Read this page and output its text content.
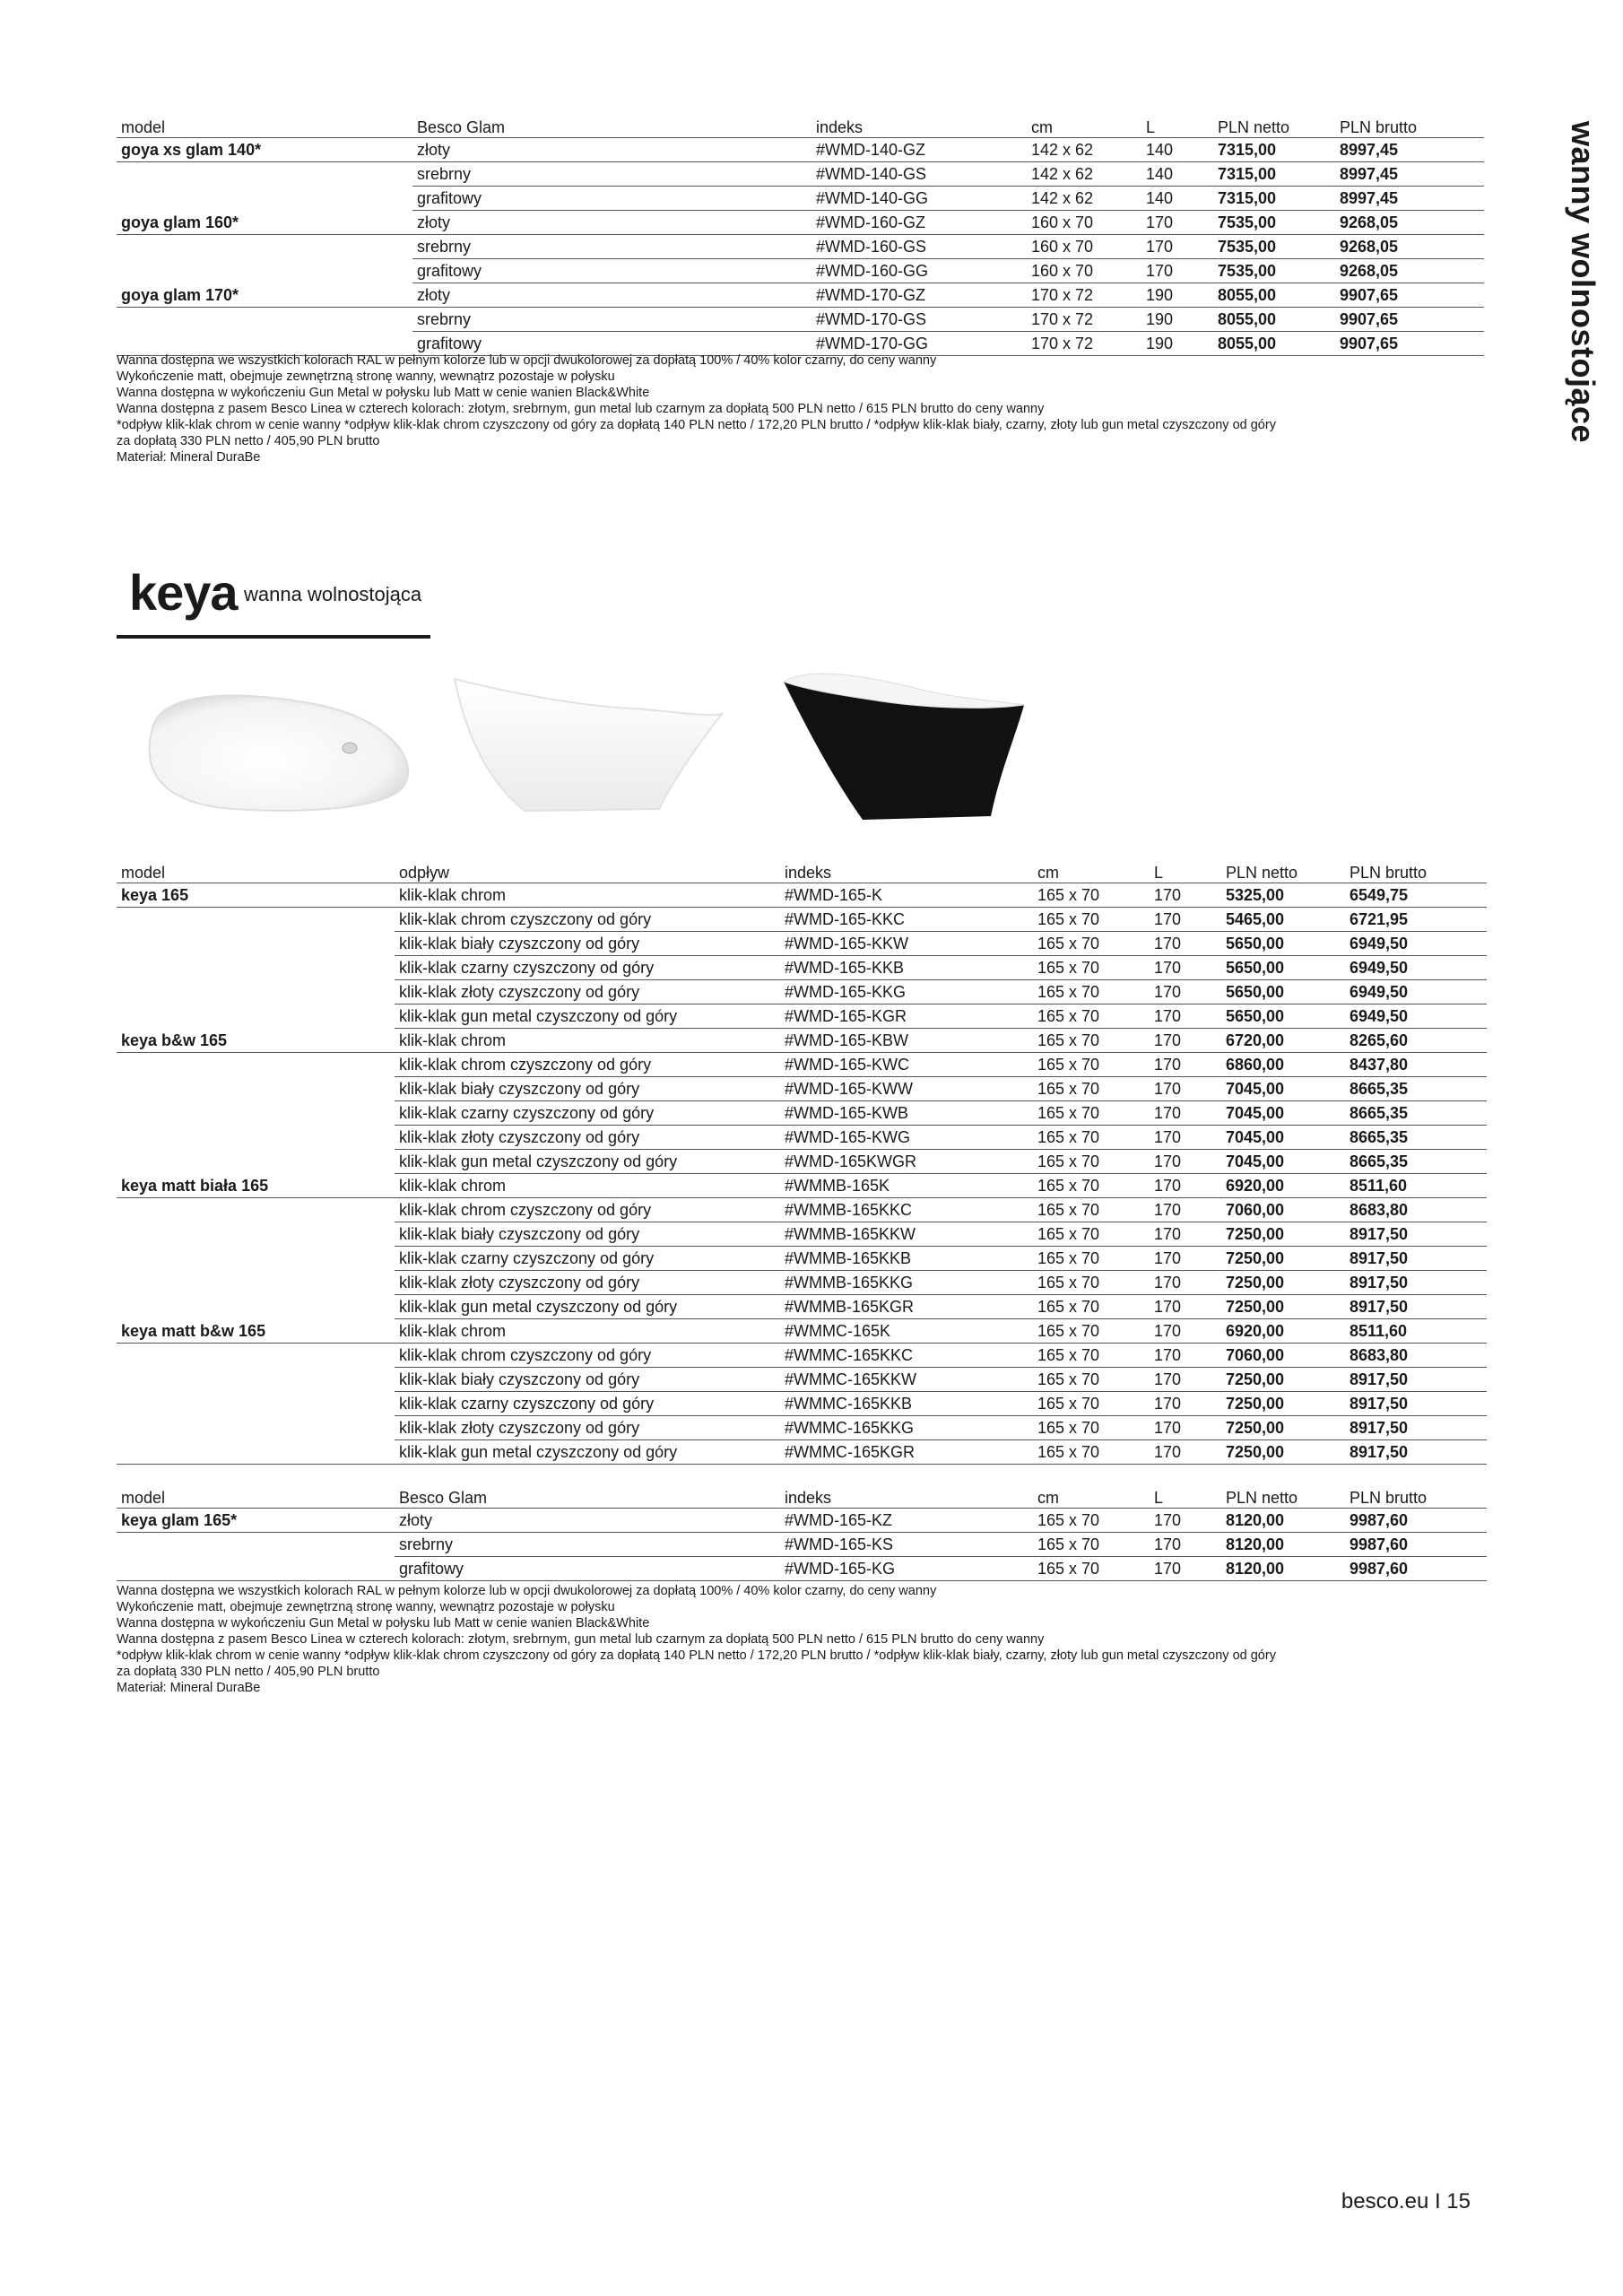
wanny wolnostojące
model	Besco Glam	indeks	cm	L	PLN netto	PLN brutto
goya xs glam 140*	złoty	#WMD-140-GZ	142 x 62	140	7315,00	8997,45
	srebrny	#WMD-140-GS	142 x 62	140	7315,00	8997,45
	grafitowy	#WMD-140-GG	142 x 62	140	7315,00	8997,45
goya glam 160*	złoty	#WMD-160-GZ	160 x 70	170	7535,00	9268,05
	srebrny	#WMD-160-GS	160 x 70	170	7535,00	9268,05
	grafitowy	#WMD-160-GG	160 x 70	170	7535,00	9268,05
goya glam 170*	złoty	#WMD-170-GZ	170 x 72	190	8055,00	9907,65
	srebrny	#WMD-170-GS	170 x 72	190	8055,00	9907,65
	grafitowy	#WMD-170-GG	170 x 72	190	8055,00	9907,65
Wanna dostępna we wszystkich kolorach RAL w pełnym kolorze lub w opcji dwukolorowej za dopłatą 100% / 40% kolor czarny, do ceny wanny
Wykończenie matt, obejmuje zewnętrzną stronę wanny, wewnątrz pozostaje w połysku
Wanna dostępna w wykończeniu Gun Metal w połysku lub Matt w cenie wanien Black&White
Wanna dostępna z pasem Besco Linea w czterech kolorach: złotym, srebrnym, gun metal lub czarnym za dopłatą 500 PLN netto / 615 PLN brutto do ceny wanny
*odpływ klik-klak chrom w cenie wanny *odpływ klik-klak chrom czyszczony od góry za dopłatą 140 PLN netto / 172,20 PLN brutto / *odpływ klik-klak biały, czarny, złoty lub gun metal czyszczony od góry
za dopłatą 330 PLN netto / 405,90 PLN brutto
Materiał: Mineral DuraBe
keya wanna wolnostojąca
model	odpływ	indeks	cm	L	PLN netto	PLN brutto
keya 165	klik-klak chrom	#WMD-165-K	165 x 70	170	5325,00	6549,75
	klik-klak chrom czyszczony od góry	#WMD-165-KKC	165 x 70	170	5465,00	6721,95
	klik-klak biały czyszczony od góry	#WMD-165-KKW	165 x 70	170	5650,00	6949,50
	klik-klak czarny czyszczony od góry	#WMD-165-KKB	165 x 70	170	5650,00	6949,50
	klik-klak złoty czyszczony od góry	#WMD-165-KKG	165 x 70	170	5650,00	6949,50
	klik-klak gun metal czyszczony od góry	#WMD-165-KGR	165 x 70	170	5650,00	6949,50
keya b&w 165	klik-klak chrom	#WMD-165-KBW	165 x 70	170	6720,00	8265,60
	klik-klak chrom czyszczony od góry	#WMD-165-KWC	165 x 70	170	6860,00	8437,80
	klik-klak biały czyszczony od góry	#WMD-165-KWW	165 x 70	170	7045,00	8665,35
	klik-klak czarny czyszczony od góry	#WMD-165-KWB	165 x 70	170	7045,00	8665,35
	klik-klak złoty czyszczony od góry	#WMD-165-KWG	165 x 70	170	7045,00	8665,35
	klik-klak gun metal czyszczony od góry	#WMD-165KWGR	165 x 70	170	7045,00	8665,35
keya matt biała 165	klik-klak chrom	#WMMB-165K	165 x 70	170	6920,00	8511,60
	klik-klak chrom czyszczony od góry	#WMMB-165KKC	165 x 70	170	7060,00	8683,80
	klik-klak biały czyszczony od góry	#WMMB-165KKW	165 x 70	170	7250,00	8917,50
	klik-klak czarny czyszczony od góry	#WMMB-165KKB	165 x 70	170	7250,00	8917,50
	klik-klak złoty czyszczony od góry	#WMMB-165KKG	165 x 70	170	7250,00	8917,50
	klik-klak gun metal czyszczony od góry	#WMMB-165KGR	165 x 70	170	7250,00	8917,50
keya matt b&w 165	klik-klak chrom	#WMMC-165K	165 x 70	170	6920,00	8511,60
	klik-klak chrom czyszczony od góry	#WMMC-165KKC	165 x 70	170	7060,00	8683,80
	klik-klak biały czyszczony od góry	#WMMC-165KKW	165 x 70	170	7250,00	8917,50
	klik-klak czarny czyszczony od góry	#WMMC-165KKB	165 x 70	170	7250,00	8917,50
	klik-klak złoty czyszczony od góry	#WMMC-165KKG	165 x 70	170	7250,00	8917,50
	klik-klak gun metal czyszczony od góry	#WMMC-165KGR	165 x 70	170	7250,00	8917,50
model	Besco Glam	indeks	cm	L	PLN netto	PLN brutto
keya glam 165*	złoty	#WMD-165-KZ	165 x 70	170	8120,00	9987,60
	srebrny	#WMD-165-KS	165 x 70	170	8120,00	9987,60
	grafitowy	#WMD-165-KG	165 x 70	170	8120,00	9987,60
Wanna dostępna we wszystkich kolorach RAL w pełnym kolorze lub w opcji dwukolorowej za dopłatą 100% / 40% kolor czarny, do ceny wanny
Wykończenie matt, obejmuje zewnętrzną stronę wanny, wewnątrz pozostaje w połysku
Wanna dostępna w wykończeniu Gun Metal w połysku lub Matt w cenie wanien Black&White
Wanna dostępna z pasem Besco Linea w czterech kolorach: złotym, srebrnym, gun metal lub czarnym za dopłatą 500 PLN netto / 615 PLN brutto do ceny wanny
*odpływ klik-klak chrom w cenie wanny *odpływ klik-klak chrom czyszczony od góry za dopłatą 140 PLN netto / 172,20 PLN brutto / *odpływ klik-klak biały, czarny, złoty lub gun metal czyszczony od góry
za dopłatą 330 PLN netto / 405,90 PLN brutto
Materiał: Mineral DuraBe
besco.eu I 15
